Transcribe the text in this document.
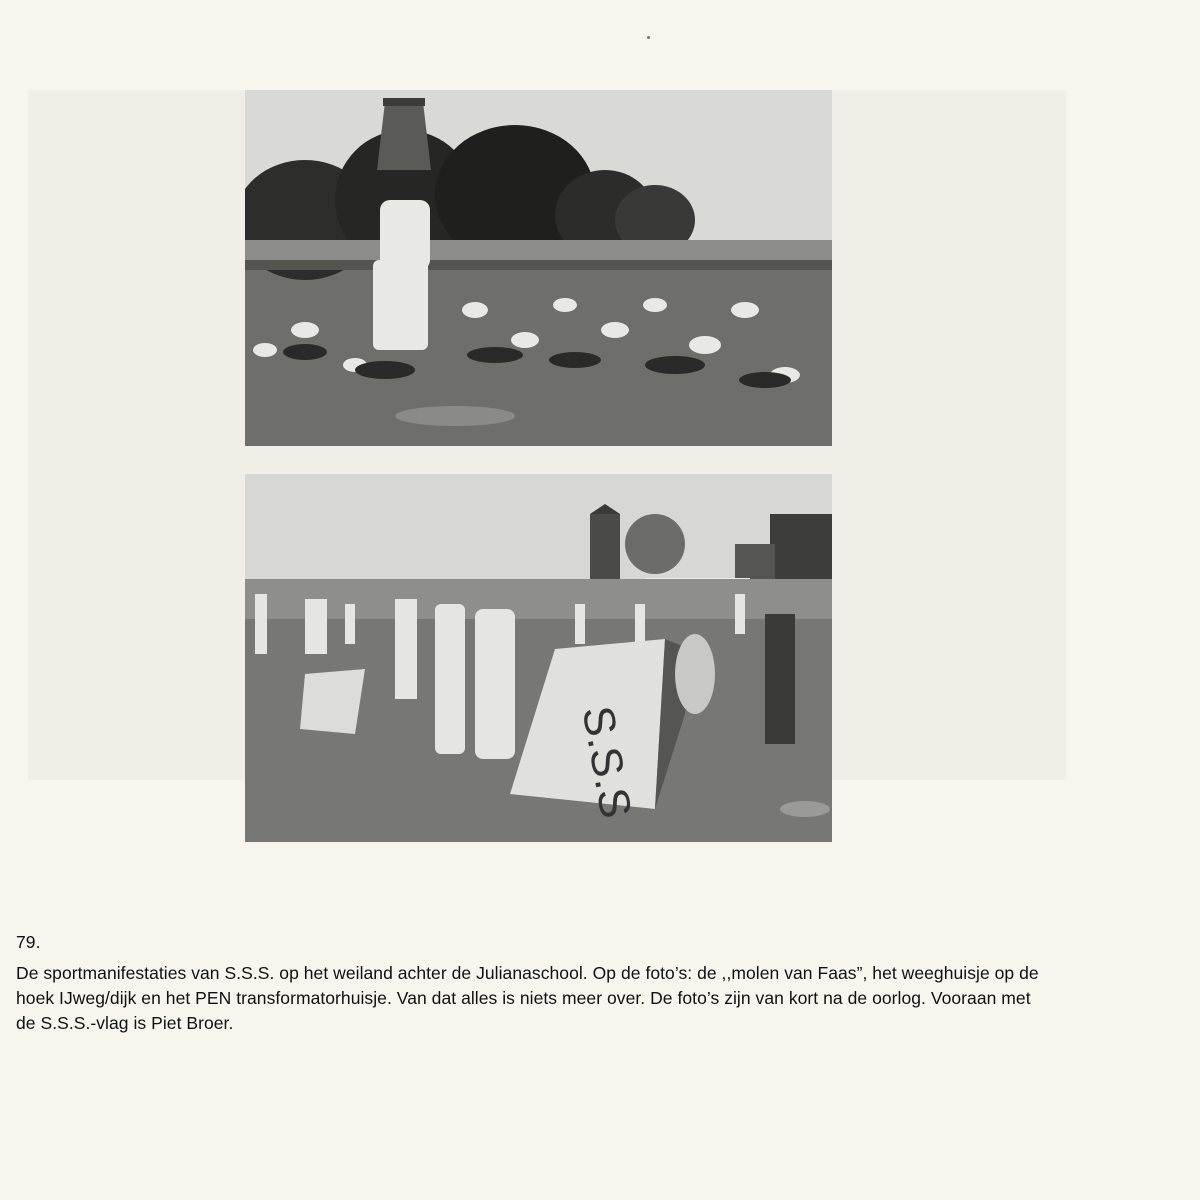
S.S.S
79.
De sportmanifestaties van S.S.S. op het weiland achter de Julianaschool. Op de foto’s: de ,,molen van Faas”, het weeghuisje op de hoek IJweg/dijk en het PEN transformatorhuisje. Van dat alles is niets meer over. De foto’s zijn van kort na de oorlog. Vooraan met de S.S.S.-vlag is Piet Broer.
